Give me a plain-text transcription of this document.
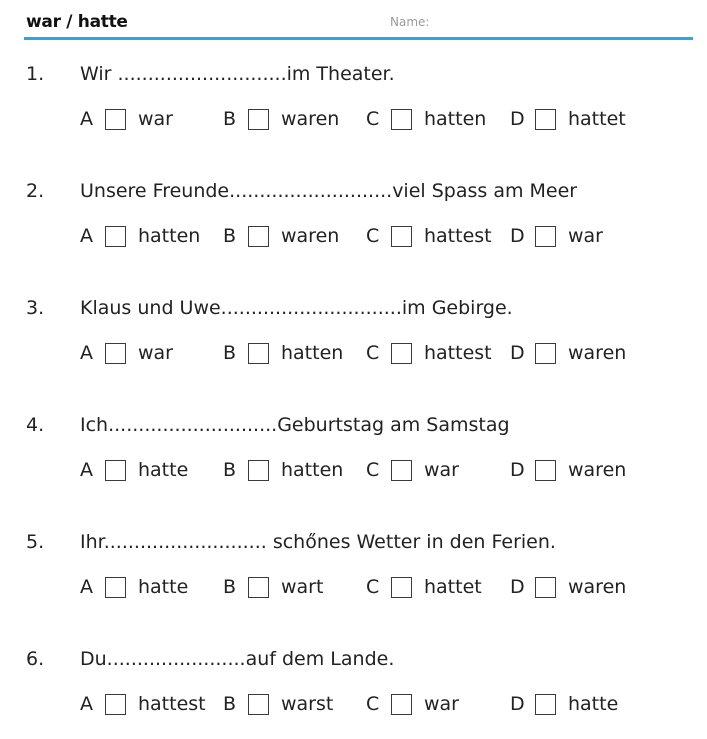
war / hatte	Name:
1. Wir ............................im Theater.
A war	B waren C hatten D hattet
2. Unsere Freunde...........................viel Spass am Meer
A hatten B waren C hattest D war
3. Klaus und Uwe..............................im Gebirge.
A war	B hatten C hattest D waren
4. Ich............................Geburtstag am Samstag
A hatte B hatten C war	D waren
5. Ihr........................... schőnes Wetter in den Ferien.
A hatte B wart C hattet D waren
6. Du.......................auf dem Lande.
A hattest B warst C war	D hatte
